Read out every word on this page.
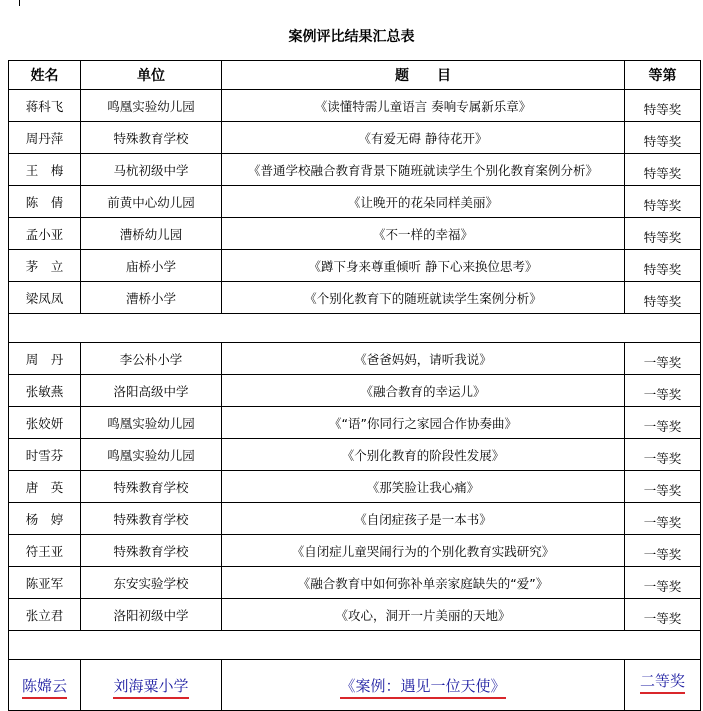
案例评比结果汇总表
姓名	单位	题　　目	等第
蒋科飞	鸣凰实验幼儿园	《读懂特需儿童语言 奏响专属新乐章》	特等奖
周丹萍	特殊教育学校	《有爱无碍 静待花开》	特等奖
王　梅	马杭初级中学	《普通学校融合教育背景下随班就读学生个别化教育案例分析》	特等奖
陈　倩	前黄中心幼儿园	《让晚开的花朵同样美丽》	特等奖
孟小亚	漕桥幼儿园	《不一样的幸福》	特等奖
茅　立	庙桥小学	《蹲下身来尊重倾听 静下心来换位思考》	特等奖
梁凤凤	漕桥小学	《个别化教育下的随班就读学生案例分析》	特等奖

周　丹	李公朴小学	《爸爸妈妈，请听我说》	一等奖
张敏燕	洛阳高级中学	《融合教育的幸运儿》	一等奖
张姣妍	鸣凰实验幼儿园	《“语”你同行之家园合作协奏曲》	一等奖
时雪芬	鸣凰实验幼儿园	《个别化教育的阶段性发展》	一等奖
唐　英	特殊教育学校	《那笑脸让我心痛》	一等奖
杨　婷	特殊教育学校	《自闭症孩子是一本书》	一等奖
符王亚	特殊教育学校	《自闭症儿童哭闹行为的个别化教育实践研究》	一等奖
陈亚军	东安实验学校	《融合教育中如何弥补单亲家庭缺失的“爱”》	一等奖
张立君	洛阳初级中学	《攻心，洞开一片美丽的天地》	一等奖

陈嫦云	刘海粟小学	《案例：遇见一位天使》	二等奖
